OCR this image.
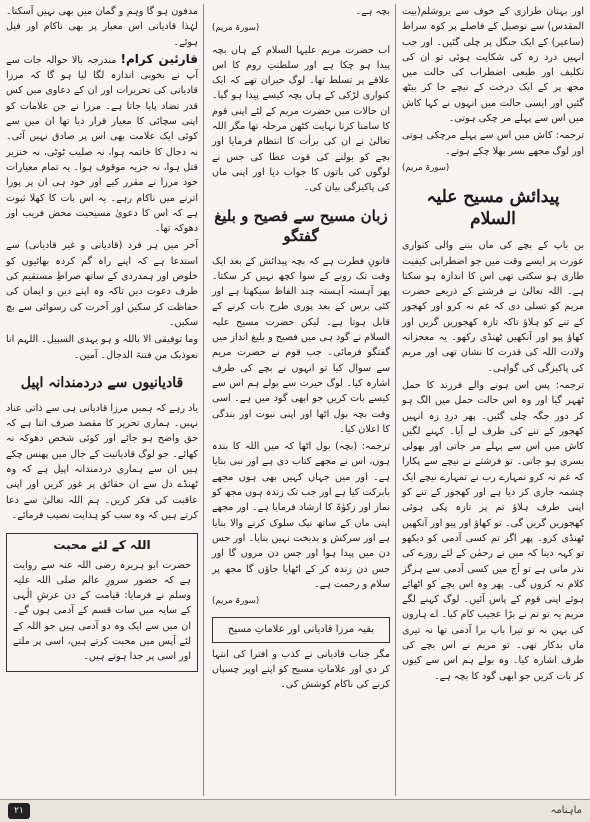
اور بہتان طرازی کے خوف سے یروشلم(بیت المقدس) سے نوصیل کے فاصلے پر کوہ سراط (ساعیر) کے ایک جنگل پر چلی گئیں۔ اور جب انہیں درد زہ کی شکایت ہوئی تو ان کی تکلیف اور طبعی اضطراب کی حالت میں مجھ پر کے ایک درخت کے نیچے جا کر بیٹھ گئیں اور ایسی حالت میں انہوں نے کہا کاش میں اس سے پہلے مر چکی ہوتی۔

ترجمہ: کاش میں اس سے پہلے مرچکی ہوتی اور لوگ مجھے بسر بھلا چکے ہوتے۔

(سورۃ مریم)
پیدائش مسیح علیہ السلام

بن باپ کے بچے کی ماں بننے والی کنواری عورت پر ایسے وقت میں جو اضطرابی کیفیت طاری ہو سکتی تھی اس کا اندازہ ہو سکتا ہے۔ اللہ تعالیٰ نے فرشتے کے ذریعے حضرت مریم کو تسلی دی کہ غم نہ کرو اور کھجور کے تنے کو ہلاؤ تاکہ تازہ کھجوریں گریں اور کھاؤ پیو اور آنکھیں ٹھنڈی رکھو۔ یہ معجزانہ ولادت اللہ کی قدرت کا نشان تھی اور مریم کی پاکیزگی کی گواہی۔

ترجمہ: پس اس ہونے والے فرزند کا حمل ٹھہر گیا اور وہ اس حالت حمل میں الگ ہو کر دور جگہ چلی گئیں۔ پھر دردِ زہ انہیں کھجور کے تنے کی طرف لے آیا۔ کہنے لگیں کاش میں اس سے پہلے مر جاتی اور بھولی بسری ہو جاتی۔ تو فرشتے نے نیچے سے پکارا کہ غم نہ کرو تمہارے رب نے تمہارے نیچے ایک چشمہ جاری کر دیا ہے اور کھجور کے تنے کو اپنی طرف ہلاؤ تم پر تازہ پکی ہوئی کھجوریں گریں گی۔ تو کھاؤ اور پیو اور آنکھیں ٹھنڈی کرو۔ پھر اگر تم کسی آدمی کو دیکھو تو کہہ دینا کہ میں نے رحمٰن کے لئے روزے کی نذر مانی ہے تو آج میں کسی آدمی سے ہرگز کلام نہ کروں گی۔ پھر وہ اس بچے کو اٹھائے ہوئے اپنی قوم کے پاس آئیں۔ لوگ کہنے لگے مریم یہ تو تم نے بڑا عجیب کام کیا۔ اے ہارون کی بہن نہ تو تیرا باپ برا آدمی تھا نہ تیری ماں بدکار تھی۔ تو مریم نے اس بچے کی طرف اشارہ کیا۔ وہ بولے ہم اس سے کیوں کر بات کریں جو ابھی گود کا بچہ ہے۔

بچہ ہے۔

(سورۃ مریم)

اب حضرت مریم علیہا السلام کے ہاں بچہ پیدا ہو چکا ہے اور سلطنتِ روم کا اس علاقے پر تسلط تھا۔ لوگ حیران تھے کہ ایک کنواری لڑکی کے ہاں بچہ کیسے پیدا ہو گیا۔ ان حالات میں حضرت مریم کے لئے اپنی قوم کا سامنا کرنا نہایت کٹھن مرحلہ تھا مگر اللہ تعالیٰ نے ان کی برأت کا انتظام فرمایا اور بچے کو بولنے کی قوت عطا کی جس نے لوگوں کی باتوں کا جواب دیا اور اپنی ماں کی پاکیزگی بیان کی۔

زبان مسیح سے فصیح و بلیغ گفتگو

قانونِ فطرت ہے کہ بچہ پیدائش کے بعد ایک وقت تک رونے کے سوا کچھ نہیں کر سکتا۔ پھر آہستہ آہستہ چند الفاظ سیکھتا ہے اور کئی برس کے بعد پوری طرح بات کرنے کے قابل ہوتا ہے۔ لیکن حضرت مسیح علیہ السلام نے گود ہی میں فصیح و بلیغ انداز میں گفتگو فرمائی۔ جب قوم نے حضرت مریم سے سوال کیا تو انہوں نے بچے کی طرف اشارہ کیا۔ لوگ حیرت سے بولے ہم اس سے کیسے بات کریں جو ابھی گود میں ہے۔ اسی وقت بچہ بول اٹھا اور اپنی نبوت اور بندگی کا اعلان کیا۔

ترجمہ: (بچہ) بول اٹھا کہ میں اللہ کا بندہ ہوں، اس نے مجھے کتاب دی ہے اور نبی بنایا ہے۔ اور میں جہاں کہیں بھی ہوں مجھے بابرکت کیا ہے اور جب تک زندہ ہوں مجھ کو نماز اور زکوٰۃ کا ارشاد فرمایا ہے۔ اور مجھے اپنی ماں کے ساتھ نیک سلوک کرنے والا بنایا ہے اور سرکش و بدبخت نہیں بنایا۔ اور جس دن میں پیدا ہوا اور جس دن مروں گا اور جس دن زندہ کر کے اٹھایا جاؤں گا مجھ پر سلام و رحمت ہے۔

(سورۃ مریم)
بقیہ مرزا قادیانی اور علاماتِ مسیح

مگر جناب قادیانی نے کذب و افترا کی انتہا کر دی اور علاماتِ مسیح کو اپنے اوپر چسپاں کرنے کی ناکام کوشش کی۔

مدفون ہو گا وہم و گمان میں بھی نہیں آسکتا۔ لہٰذا قادیانی اس معیار پر بھی ناکام اور فیل ہوئے۔

قارئین کرام! مندرجہ بالا حوالہ جات سے آپ نے بخوبی اندازہ لگا لیا ہو گا کہ مرزا قادیانی کی تحریرات اور ان کے دعاوی میں کس قدر تضاد پایا جاتا ہے۔ مرزا نے جن علامات کو اپنی سچائی کا معیار قرار دیا تھا ان میں سے کوئی ایک علامت بھی اس پر صادق نہیں آئی۔ نہ دجال کا خاتمہ ہوا، نہ صلیب ٹوٹی، نہ خنزیر قتل ہوا، نہ جزیہ موقوف ہوا۔ یہ تمام معیارات خود مرزا نے مقرر کیے اور خود ہی ان پر پورا اترنے میں ناکام رہے۔ یہ اس بات کا کھلا ثبوت ہے کہ اس کا دعویٰ مسیحیت محض فریب اور دھوکہ تھا۔

آخر میں ہر فرد (قادیانی و غیر قادیانی) سے استدعا ہے کہ اپنے راہ گم کردہ بھائیوں کو خلوص اور ہمدردی کے ساتھ صراطِ مستقیم کی طرف دعوت دیں تاکہ وہ اپنے دین و ایمان کی حفاظت کر سکیں اور آخرت کی رسوائی سے بچ سکیں۔

وما توفیقی الا باللہ و ہو یہدی السبیل۔ اللہم انا نعوذبک من فتنۃ الدجال۔ آمین۔

قادیانیوں سے دردمندانہ اپیل

یاد رہے کہ ہمیں مرزا قادیانی ہی سے ذاتی عناد نہیں۔ ہماری تحریر کا مقصد صرف اتنا ہے کہ حق واضح ہو جائے اور کوئی شخص دھوکہ نہ کھائے۔ جو لوگ قادیانیت کے جال میں پھنس چکے ہیں ان سے ہماری دردمندانہ اپیل ہے کہ وہ ٹھنڈے دل سے ان حقائق پر غور کریں اور اپنی عاقبت کی فکر کریں۔ ہم اللہ تعالیٰ سے دعا کرتے ہیں کہ وہ سب کو ہدایت نصیب فرمائے۔

اللہ کے لئے محبت

حضرت ابو ہریرہ رضی اللہ عنہ سے روایت ہے کہ حضور سرورِ عالم صلی اللہ علیہ وسلم نے فرمایا: قیامت کے دن عرشِ الٰہی کے سایہ میں سات قسم کے آدمی ہوں گے۔ ان میں سے ایک وہ دو آدمی ہیں جو اللہ کے لئے آپس میں محبت کرتے ہیں، اسی پر ملتے اور اسی پر جدا ہوتے ہیں۔

۲۱	ماہنامہ
